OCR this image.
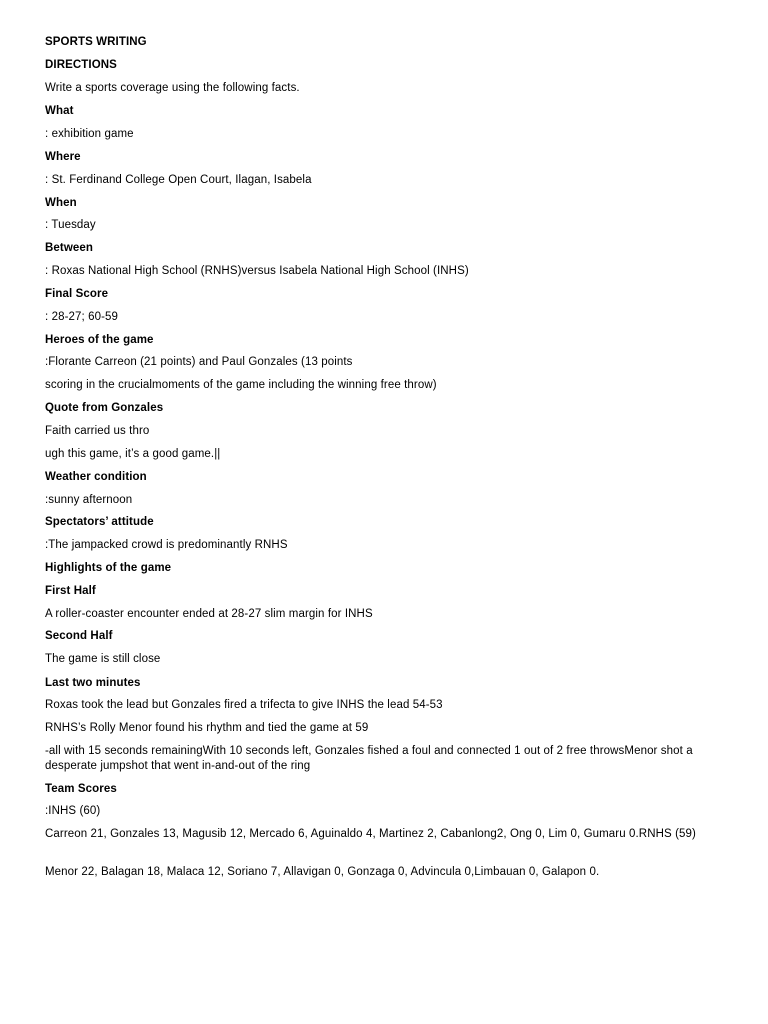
SPORTS WRITING
DIRECTIONS
Write a sports coverage using the following facts.
What
: exhibition game
Where
: St. Ferdinand College Open Court, Ilagan, Isabela
When
: Tuesday
Between
: Roxas National High School (RNHS)versus Isabela National High School (INHS)
Final Score
: 28-27; 60-59
Heroes of the game
:Florante Carreon (21 points) and Paul Gonzales (13 points
scoring in the crucialmoments of the game including the winning free throw)
Quote from Gonzales
Faith carried us thro
ugh this game, it’s a good game.||
Weather condition
:sunny afternoon
Spectators’ attitude
:The jampacked crowd is predominantly RNHS
Highlights of the game
First Half
A roller-coaster encounter ended at 28-27 slim margin for INHS
Second Half
The game is still close
Last two minutes
Roxas took the lead but Gonzales fired a trifecta to give INHS the lead 54-53
RNHS’s Rolly Menor found his rhythm and tied the game at 59
-all with 15 seconds remainingWith 10 seconds left, Gonzales fished a foul and connected 1 out of 2 free throwsMenor shot a desperate jumpshot that went in-and-out of the ring
Team Scores
:INHS (60)
Carreon 21, Gonzales 13, Magusib 12, Mercado 6, Aguinaldo 4, Martinez 2, Cabanlong2, Ong 0, Lim 0, Gumaru 0.RNHS (59)
Menor 22, Balagan 18, Malaca 12, Soriano 7, Allavigan 0, Gonzaga 0, Advincula 0,Limbauan 0, Galapon 0.
